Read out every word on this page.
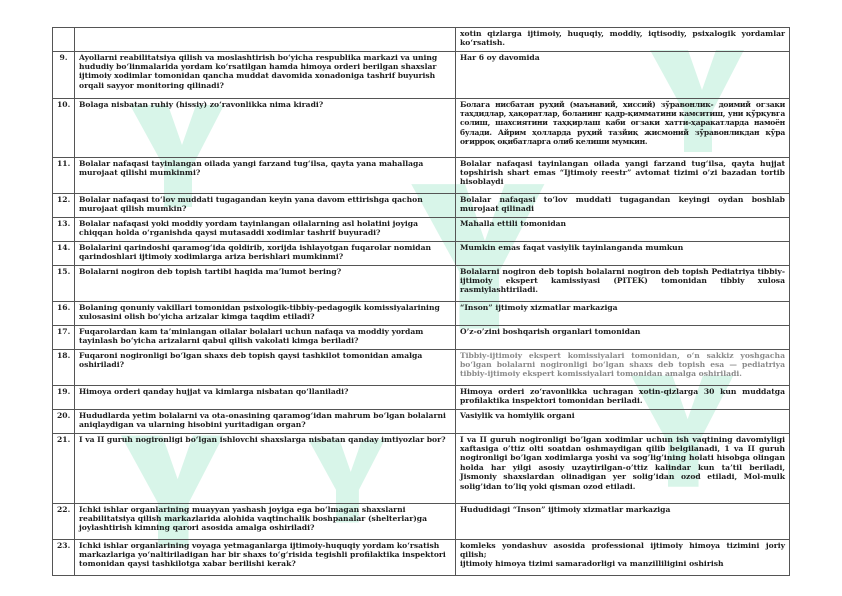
		xotin qizlarga ijtimoiy, huquqiy, moddiy, iqtisodiy, psixalogik yordamlar ko‘rsatish.
9.	Ayollarni reabilitatsiya qilish va moslashtirish bo‘yicha respublika markazi va uning hududiy bo‘linmalarida yordam ko‘rsatilgan hamda himoya orderi berilgan shaxslar ijtimoiy xodimlar tomonidan qancha muddat davomida xonadoniga tashrif buyurish orqali sayyor monitoring qilinadi?	Har 6 oy davomida
10.	Bolaga nisbatan ruhiy (hissiy) zo‘ravonlikka nima kiradi?	Болага нисбатан руҳий (маънавий, хиссий) зўравонлик- доимий огзаки таҳдидлар, ҳақоратлар, боланинг қадр-қимматини камситиш, уни қўрқувга солиш, шахсиятини таҳқирлаш каби огзаки хатти-ҳаракатларда намоён булади. Айрим ҳолларда руҳий тазйиқ жисмоний зўравонликдан кўра оғирроқ оқибатларга олиб келиши мумкин.
11.	Bolalar nafaqasi tayinlangan oilada yangi farzand tug‘ilsa, qayta yana mahallaga murojaat qilishi mumkinmi?	Bolalar nafaqasi tayinlangan oilada yangi farzand tug‘ilsa, qayta hujjat topshirish shart emas “Ijtimoiy reestr” avtomat tizimi o’zi bazadan tortib hisoblaydi
12.	Bolalar nafaqasi to‘lov muddati tugagandan keyin yana davom ettirishga qachon murojaat qilish mumkin?	Bolalar nafaqasi to‘lov muddati tugagandan keyingi oydan boshlab murojaat qilinadi
13.	Bolalar nafaqasi yoki moddiy yordam tayinlangan oilalarning asl holatini joyiga chiqqan holda o‘rganishda qaysi mutasaddi xodimlar tashrif buyuradi?	Mahalla ettili tomonidan
14.	Bolalarini qarindoshi qaramog‘ida qoldirib, xorijda ishlayotgan fuqarolar nomidan qarindoshlari ijtimoiy xodimlarga ariza berishlari mumkinmi?	Mumkin emas faqat vasiylik tayinlanganda mumkun
15.	Bolalarni nogiron deb topish tartibi haqida ma’lumot bering?	Bolalarni nogiron deb topish bolalarni nogiron deb topish Pediatriya tibbiy-ijtimoiy ekspert kamissiyasi (PITEK) tomonidan tibbiy xulosa rasmiylashtiriladi.
16.	Bolaning qonuniy vakillari tomonidan psixologik-tibbiy-pedagogik komissiyalarining xulosasini olish bo‘yicha arizalar kimga taqdim etiladi?	“Inson” ijtimoiy xizmatlar markaziga
17.	Fuqarolardan kam ta’minlangan oilalar bolalari uchun nafaqa va moddiy yordam tayinlash bo‘yicha arizalarni qabul qilish vakolati kimga beriladi?	O’z-o’zini boshqarish organlari tomonidan
18.	Fuqaroni nogironligi bo‘lgan shaxs deb topish qaysi tashkilot tomonidan amalga oshiriladi?	Tibbiy-ijtimoiy ekspert komissiyalari tomonidan, o‘n sakkiz yoshgacha bo‘lgan bolalarni nogironligi bo‘lgan shaxs deb topish esa — pediatriya tibbiy-ijtimoiy ekspert komissiyalari tomonidan amalga oshiriladi.
19.	Himoya orderi qanday hujjat va kimlarga nisbatan qo‘llaniladi?	Himoya orderi zo‘ravonlikka uchragan xotin-qizlarga 30 kun muddatga profilaktika inspektori tomonidan beriladi.
20.	Hududlarda yetim bolalarni va ota-onasining qaramog‘idan mahrum bo‘lgan bolalarni aniqlaydigan va ularning hisobini yuritadigan organ?	Vasiylik va homiylik organi
21.	I va II guruh nogironligi bo‘lgan ishlovchi shaxslarga nisbatan qanday imtiyozlar bor?	I va II guruh nogironligi bo’lgan xodimlar uchun ish vaqtining davomiyligi xaftasiga o’ttiz olti soatdan oshmaydigan qilib belgilanadi, 1 va II guruh nogironligi bo’lgan xodimlarga yoshi va sog’lig’ining holati hisobga olingan holda har yilgi asosiy uzaytirilgan-o’ttiz kalindar kun ta’til beriladi, Jismoniy shaxslardan olinadigan yer solig’idan ozod etiladi, Mol-mulk solig’idan to’liq yoki qisman ozod etiladi.
22.	Ichki ishlar organlarining muayyan yashash joyiga ega bo‘lmagan shaxslarni reabilitatsiya qilish markazlarida alohida vaqtinchalik boshpanalar (shelterlar)ga joylashtirish kimning qarori asosida amalga oshiriladi?	Hududidagi “Inson” ijtimoiy xizmatlar markaziga
23.	Ichki ishlar organlarining voyaga yetmaganlarga ijtimoiy-huquqiy yordam ko‘rsatish markazlariga yo‘naltiriladigan har bir shaxs to‘g‘risida tegishli profilaktika inspektori tomonidan qaysi tashkilotga xabar berilishi kerak?	komleks yondashuv asosida professional ijtimoiy himoya tizimini joriy qilish;
ijtimoiy himoya tizimi samaradorligi va manzilliligini oshirish
